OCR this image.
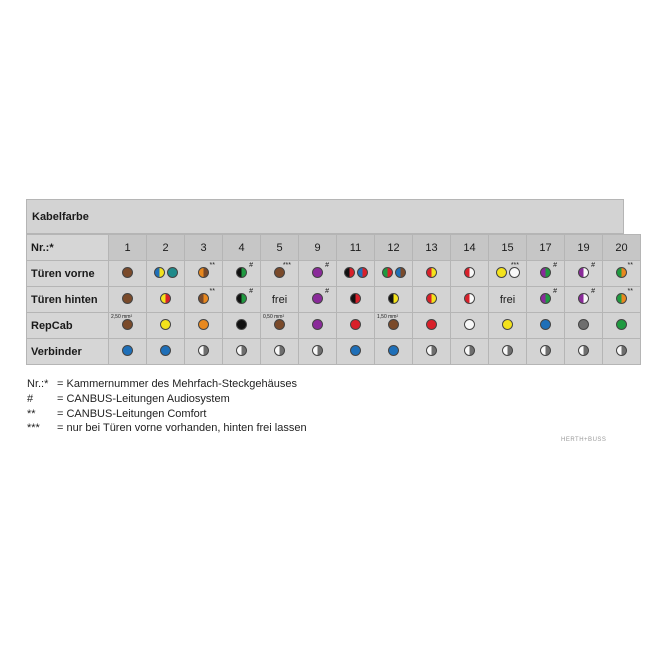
Kabelfarbe
Nr.:*	1	2	3	4	5	9	11	12	13	14	15	17	19	20
Türen vorne			**	#	***	#					***	#	#	**

Türen hinten			**	#	frei	#					frei	#	#	**

RepCab	2,50 mm²				0,50 mm²			1,50 mm²						

Verbinder	

Nr.:* = Kammernummer des Mehrfach-Steckgehäuses
#	= CANBUS-Leitungen Audiosystem
**	= CANBUS-Leitungen Comfort
***	= nur bei Türen vorne vorhanden, hinten frei lassen
HERTH+BUSS
